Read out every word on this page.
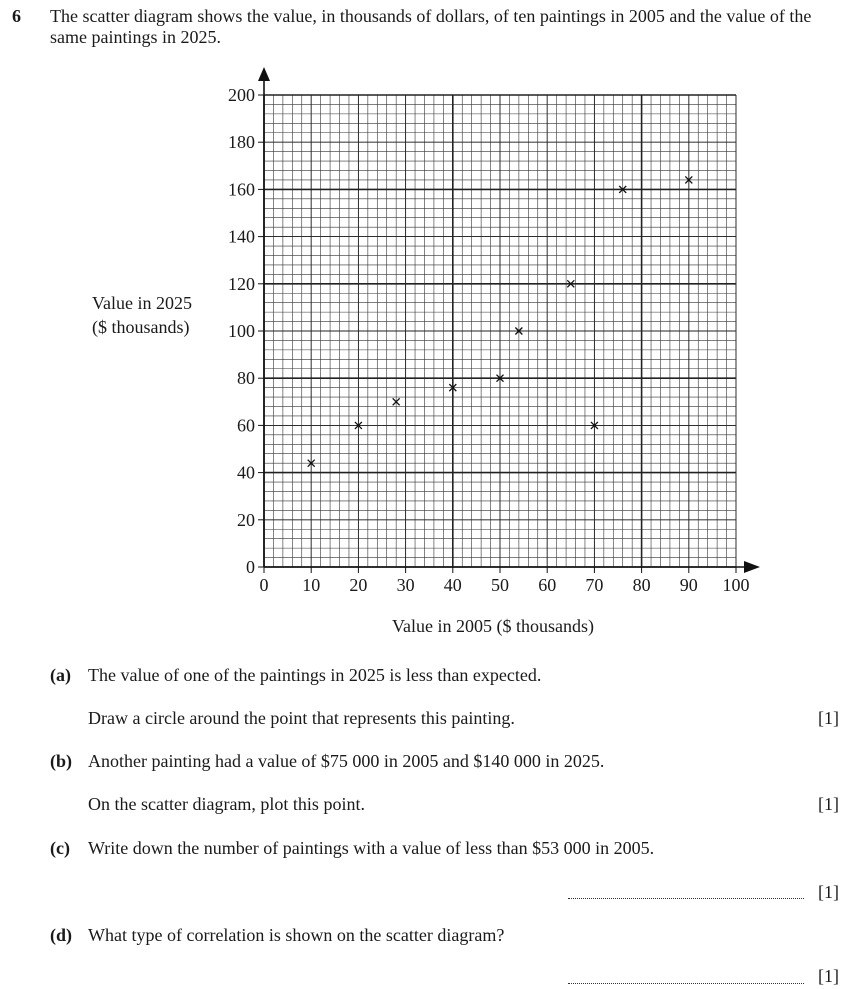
6 The scatter diagram shows the value, in thousands of dollars, of ten paintings in 2005 and the value of the same paintings in 2025.
0 10 20 30 40 50 60 70 80 90 100
0
20
40
60
80
100
120
140
160
180
200
Value in 2025
($ thousands)
Value in 2005 ($ thousands)
(a) The value of one of the paintings in 2025 is less than expected.
Draw a circle around the point that represents this painting.	[1]
(b) Another painting had a value of $75 000 in 2005 and $140 000 in 2025.
On the scatter diagram, plot this point.	[1]
(c) Write down the number of paintings with a value of less than $53 000 in 2005.
[1]
(d) What type of correlation is shown on the scatter diagram?
[1]
